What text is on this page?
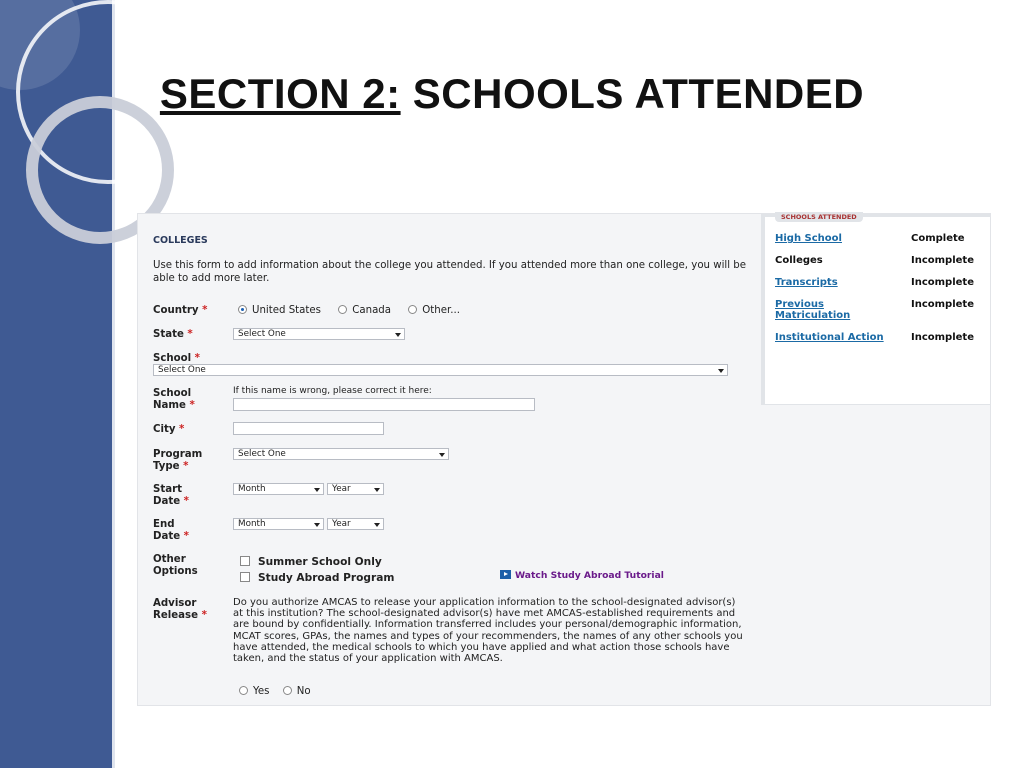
SECTION 2: SCHOOLS ATTENDED
COLLEGES
Use this form to add information about the college you attended. If you attended more than one college, you will be able to add more later.
Country *	United States	Canada	Other...
State *	Select One
School *
Select One
School
Name *
If this name is wrong, please correct it here:
City *
Program
Type *
Select One
Start
Date *
Month	Year
End
Date *
Month	Year
Other
Options
Summer School Only
Study Abroad Program	Watch Study Abroad Tutorial
Advisor
Release *
Do you authorize AMCAS to release your application information to the school-designated advisor(s) at this institution? The school-designated advisor(s) have met AMCAS-established requirements and are bound by confidentially. Information transferred includes your personal/demographic information, MCAT scores, GPAs, the names and types of your recommenders, the names of any other schools you have attended, the medical schools to which you have applied and what action those schools have taken, and the status of your application with AMCAS.
Yes	No
SCHOOLS ATTENDED
High School	Complete
Colleges	Incomplete
Transcripts	Incomplete
Previous Matriculation
Incomplete
Institutional Action	Incomplete
